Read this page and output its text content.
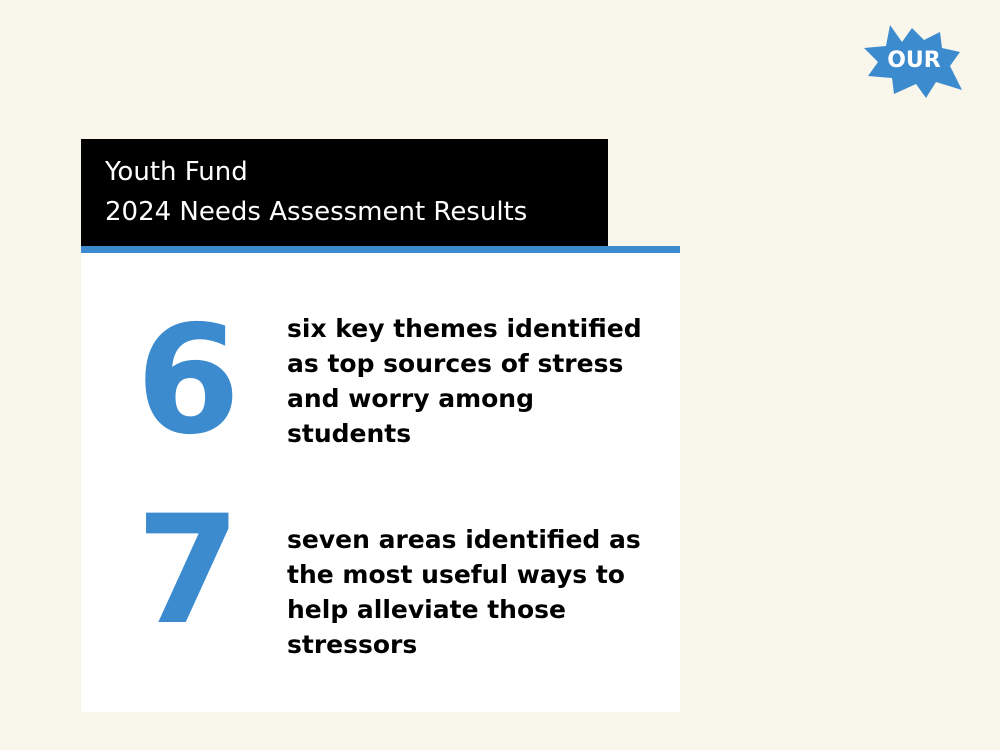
OUR
Youth Fund
2024 Needs Assessment Results
6 six key themes identified as top sources of stress and worry among students

7 seven areas identified as the most useful ways to help alleviate those stressors
